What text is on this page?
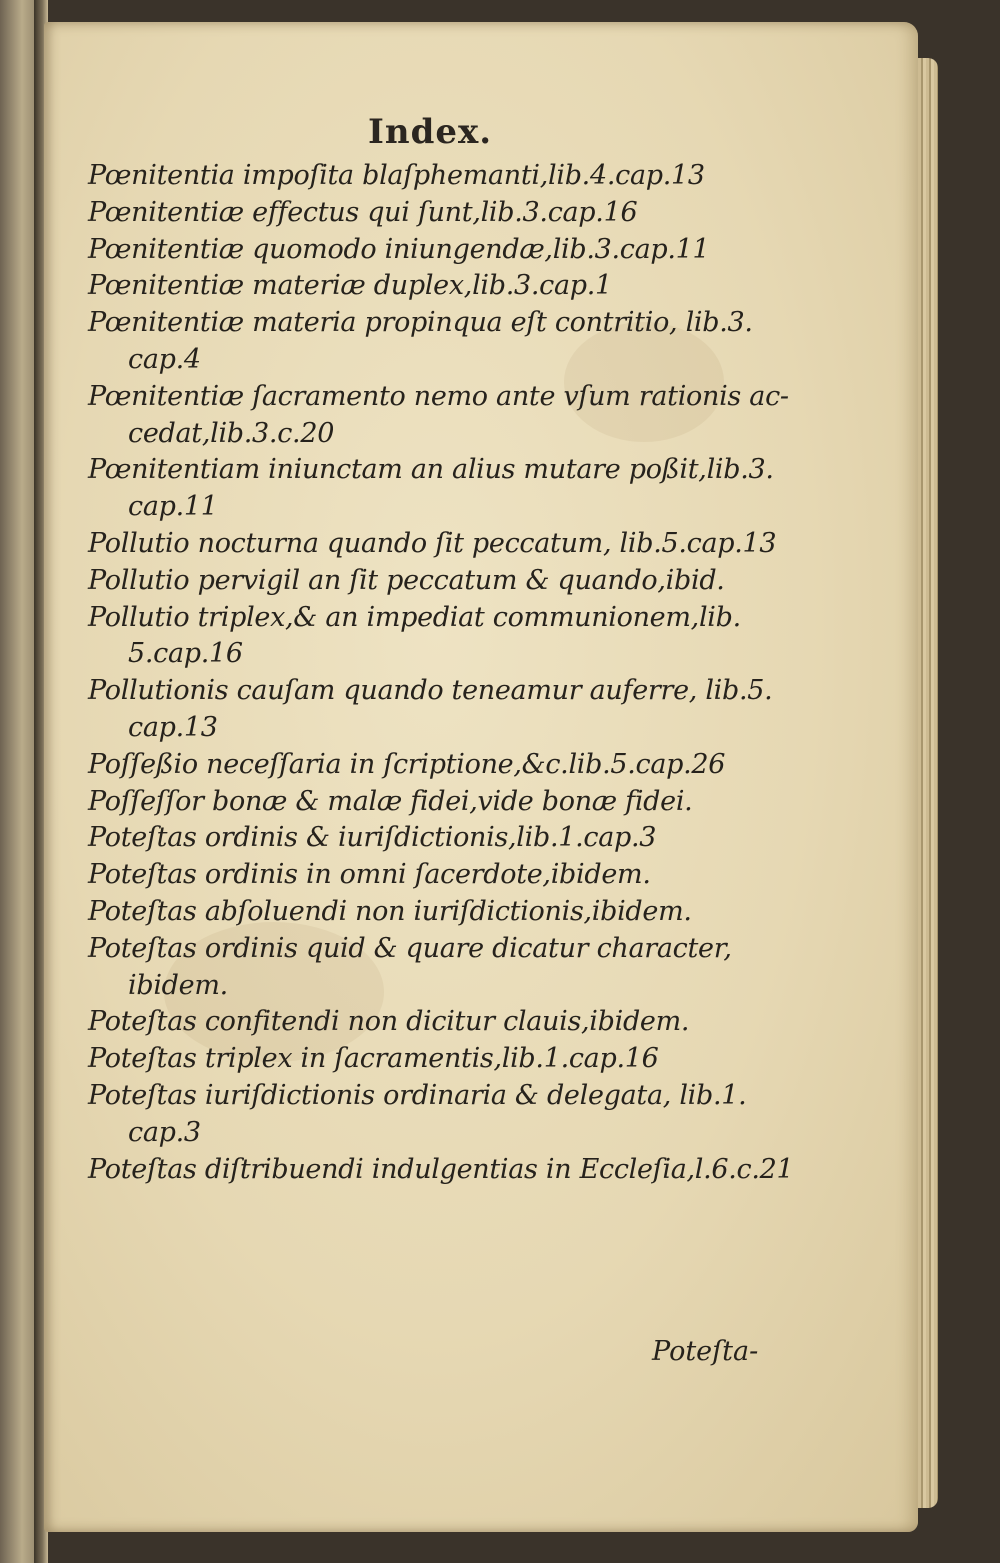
Index.
Pœnitentia impoſita blaſphemanti,lib.4.cap.13
Pœnitentiæ effectus qui ſunt,lib.3.cap.16
Pœnitentiæ quomodo iniungendæ,lib.3.cap.11
Pœnitentiæ materiæ duplex,lib.3.cap.1
Pœnitentiæ materia propinqua eſt contritio, lib.3.
cap.4
Pœnitentiæ ſacramento nemo ante vſum rationis ac-
cedat,lib.3.c.20
Pœnitentiam iniunctam an alius mutare poßit,lib.3.
cap.11
Pollutio nocturna quando ſit peccatum, lib.5.cap.13
Pollutio pervigil an ſit peccatum & quando,ibid.
Pollutio triplex,& an impediat communionem,lib.
5.cap.16
Pollutionis cauſam quando teneamur auferre, lib.5.
cap.13
Poſſeßio neceſſaria in ſcriptione,&c.lib.5.cap.26
Poſſeſſor bonæ & malæ fidei,vide bonæ fidei.
Poteſtas ordinis & iuriſdictionis,lib.1.cap.3
Poteſtas ordinis in omni ſacerdote,ibidem.
Poteſtas abſoluendi non iuriſdictionis,ibidem.
Poteſtas ordinis quid & quare dicatur character,
ibidem.
Poteſtas confitendi non dicitur clauis,ibidem.
Poteſtas triplex in ſacramentis,lib.1.cap.16
Poteſtas iuriſdictionis ordinaria & delegata, lib.1.
cap.3
Poteſtas diſtribuendi indulgentias in Eccleſia,l.6.c.21
Poteſta-
